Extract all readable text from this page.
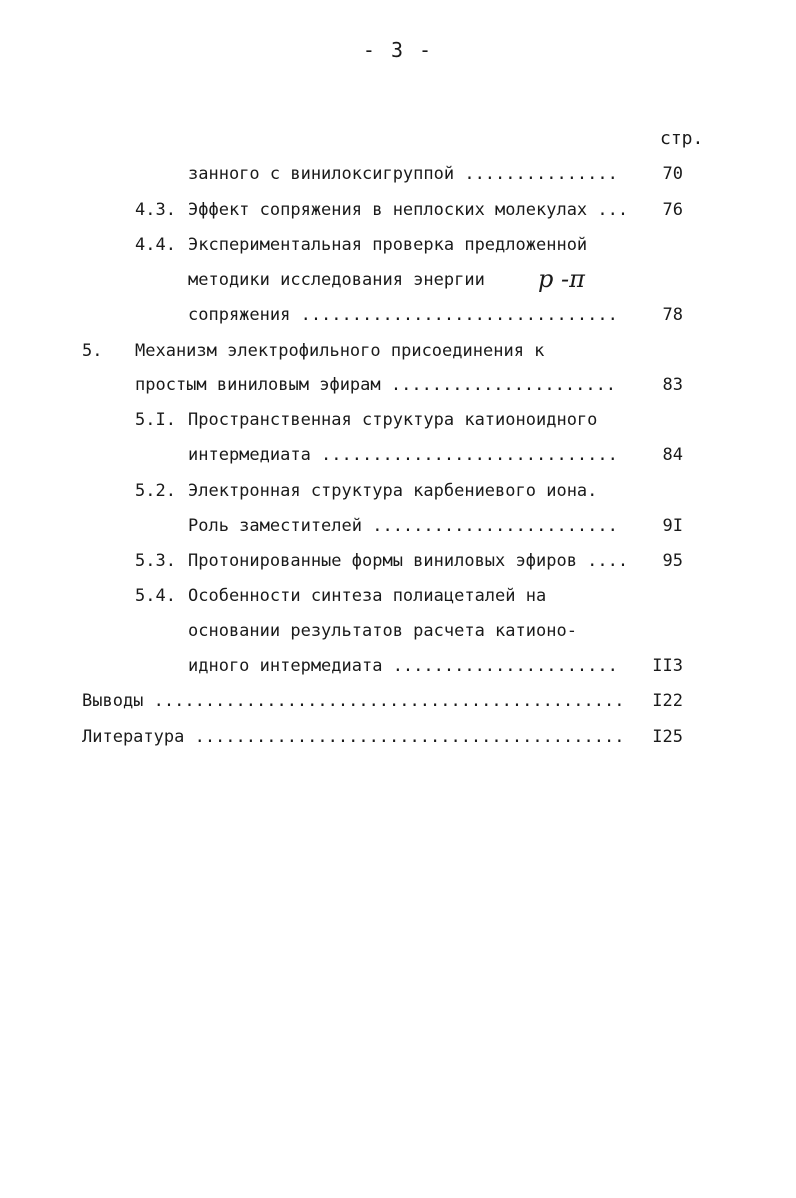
- 3 -
стр.
занного с винилоксигруппой ...............	70
4.3. Эффект сопряжения в неплоских молекулах ...	76
4.4. Экспериментальная проверка предложенной
методики исследования энергии p -π
сопряжения ...............................	78
5. Механизм электрофильного присоединения к
простым виниловым эфирам ......................	83
5.I. Пространственная структура катионоидного
интермедиата .............................	84
5.2. Электронная структура карбениевого иона.
Роль заместителей ........................	9I
5.3. Протонированные формы виниловых эфиров ....	95
5.4. Особенности синтеза полиацеталей на
основании результатов расчета катионо-
идного интермедиата ......................	II3
Выводы ..............................................	I22
Литература ..........................................	I25
